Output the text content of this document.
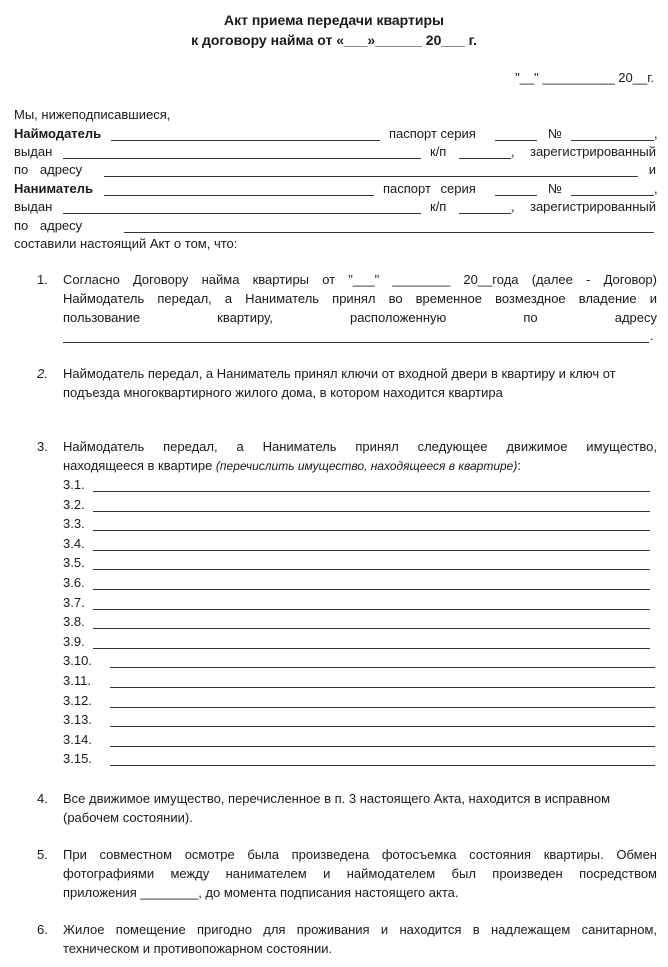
Акт приема передачи квартиры
к договору найма от «___»______ 20___ г.
"__" __________ 20__г.
Мы, нижеподписавшиеся,
Наймодатель	паспорт серия	№	,
выдан	к/п	, зарегистрированный
по адресу	и
Наниматель	паспорт серия	№	,
выдан	к/п	, зарегистрированный
по адресу
составили настоящий Акт о том, что:
1. Согласно Договору найма квартиры от "___" ________ 20__года (далее - Договор)
Наймодатель передал, а Наниматель принял во временное возмездное владение и
пользование квартиру, расположенную по адресу
.
2. Наймодатель передал, а Наниматель принял ключи от входной двери в квартиру и ключ от
подъезда многоквартирного жилого дома, в котором находится квартира
3. Наймодатель передал, а Наниматель принял следующее движимое имущество,
находящееся в квартире (перечислить имущество, находящееся в квартире):
3.1.
3.2.
3.3.
3.4.
3.5.
3.6.
3.7.
3.8.
3.9.
3.10.
3.11.
3.12.
3.13.
3.14.
3.15.
4. Все движимое имущество, перечисленное в п. 3 настоящего Акта, находится в исправном
(рабочем состоянии).
5. При совместном осмотре была произведена фотосъемка состояния квартиры. Обмен
фотографиями между нанимателем и наймодателем был произведен посредством
приложения ________, до момента подписания настоящего акта.
6. Жилое помещение пригодно для проживания и находится в надлежащем санитарном,
техническом и противопожарном состоянии.
